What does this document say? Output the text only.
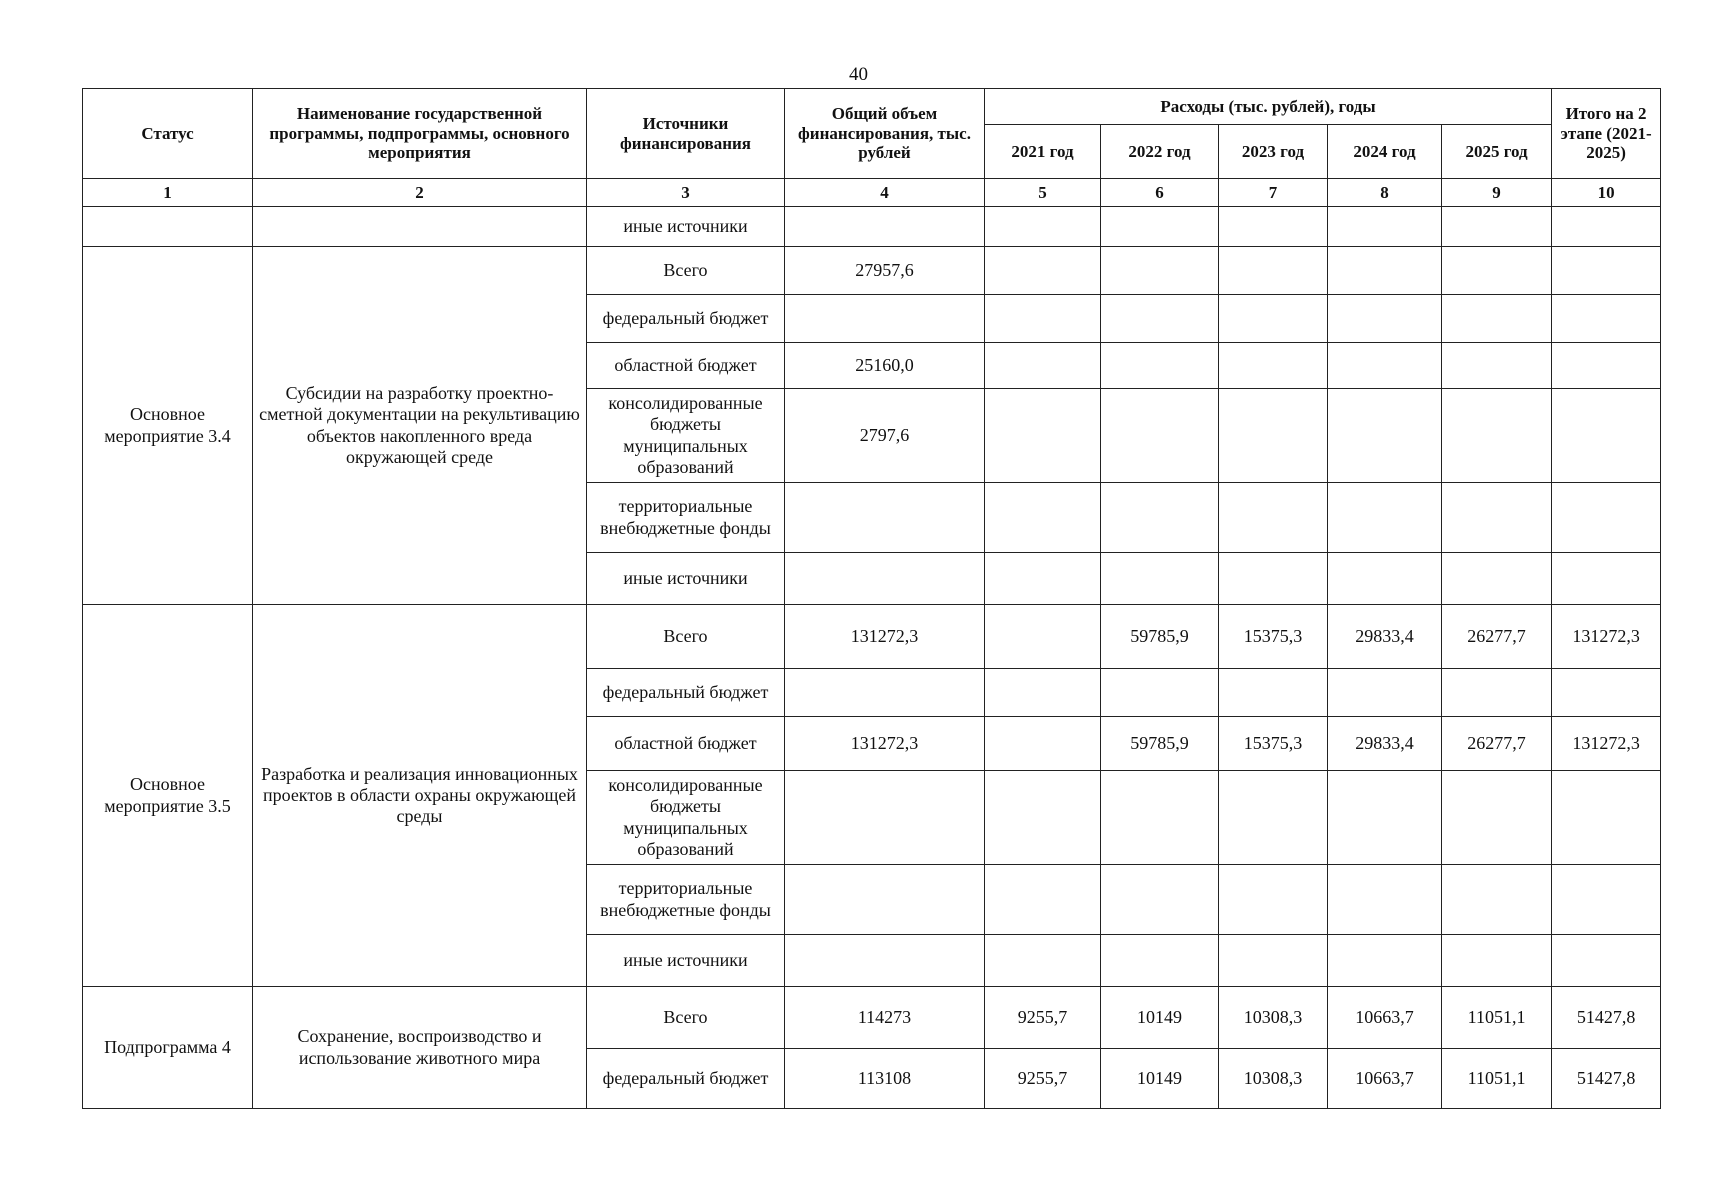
40
Статус	Наименование государственной программы, подпрограммы, основного мероприятия	Источники финансирования	Общий объем финансирования, тыс. рублей	Расходы (тыс. рублей), годы					Итого на 2 этапе (2021-2025)
				2021 год	2022 год	2023 год	2024 год	2025 год	
1	2	3	4	5	6	7	8	9	10
		иные источники							
Основное мероприятие 3.4	Субсидии на разработку проектно-сметной документации на рекультивацию объектов накопленного вреда окружающей среде	Всего	27957,6						
		федеральный бюджет							
		областной бюджет	25160,0						
		консолидированные бюджеты муниципальных образований	2797,6						
		территориальные внебюджетные фонды							
		иные источники							
Основное мероприятие 3.5	Разработка и реализация инновационных проектов в области охраны окружающей среды	Всего	131272,3		59785,9	15375,3	29833,4	26277,7	131272,3
		федеральный бюджет							
		областной бюджет	131272,3		59785,9	15375,3	29833,4	26277,7	131272,3
		консолидированные бюджеты муниципальных образований							
		территориальные внебюджетные фонды							
		иные источники							
Подпрограмма 4	Сохранение, воспроизводство и использование животного мира	Всего	114273	9255,7	10149	10308,3	10663,7	11051,1	51427,8
		федеральный бюджет	113108	9255,7	10149	10308,3	10663,7	11051,1	51427,8
